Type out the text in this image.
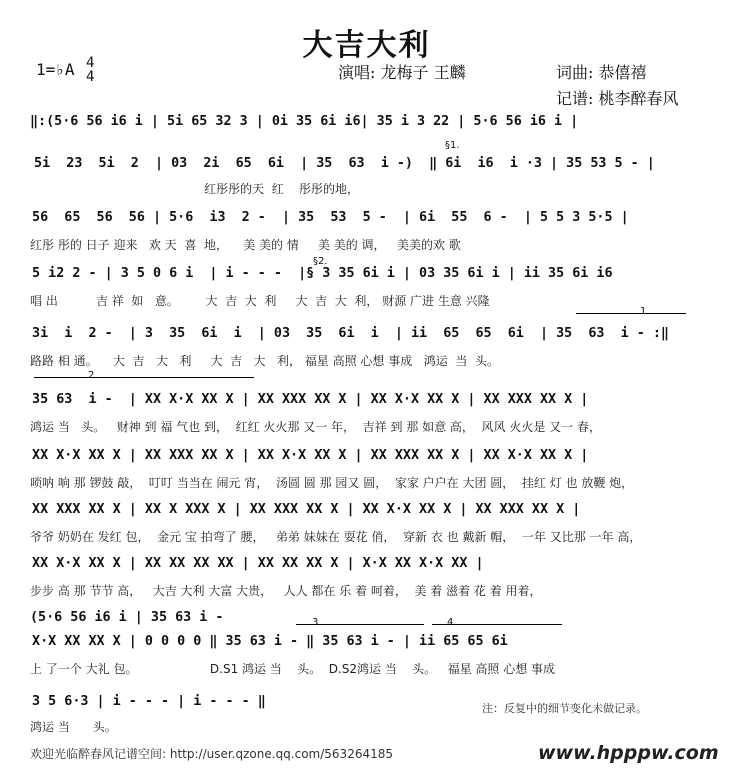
大吉大利
1=♭A 4
4	演唱: 龙梅子 王麟	词曲: 恭僖禧
记谱: 桃李醉春风
‖:(5·6 56 i6 i | 5i 65 32 3 | 0i 35 6i i6| 35 i 3 22 | 5·6 56 i6 i |
§1.
5i  23  5i  2  | 03  2i  65  6i  | 35  63  i -)  ‖ 6i  i6  i ·3 | 35 53 5 - |
红彤彤的天  红    彤彤的地，
56  65  56  56 | 5·6  i3  2 -  | 35  53  5 -  | 6i  55  6 -  | 5 5 3 5·5 |
红彤 彤的 日子 迎来   欢 天  喜  地，    美 美的 情     美 美的 调，   美美的欢 歌
§2.
5 i2 2 - | 3 5 0 6 i  | i - - -  |§ 3 35 6i i | 03 35 6i i | ii 35 6i i6
唱 出          吉 祥  如   意。       大  吉  大  利     大  吉  大  利， 财源 广进 生意 兴隆
1
3i  i  2 -  | 3  35  6i  i  | 03  35  6i  i  | ii  65  65  6i  | 35  63  i - :‖
路路 相 通。    大  吉   大   利     大  吉   大   利， 福星 高照 心想 事成   鸿运  当  头。
2
35 63  i -  | XX X·X XX X | XX XXX XX X | XX X·X XX X | XX XXX XX X |
鸿运 当   头。   财神 到 福 气也 到，  红红 火火那 又一 年，  吉祥 到 那 如意 高，  风风 火火是 又一 春，
XX X·X XX X | XX XXX XX X | XX X·X XX X | XX XXX XX X | XX X·X XX X |
唢呐 响 那 锣鼓 敲，  叮叮 当当在 闹元 宵，  汤圆 圆 那 园又 圆，  家家 户户在 大团 圆，  挂红 灯 也 放鞭 炮，
XX XXX XX X | XX X XXX X | XX XXX XX X | XX X·X XX X | XX XXX XX X |
爷爷 奶奶在 发红 包，  金元 宝 拍弯了 腰，   弟弟 妹妹在 耍花 俏，  穿新 衣 也 戴新 帽，  一年 又比那 一年 高，
XX X·X XX X | XX XX XX XX | XX XX XX X | X·X XX X·X XX |
步步 高 那 节节 高，   大吉 大利 大富 大贵，   人人 都在 乐 着 呵着，  美 着 滋着 花 着 用着，
(5·6 56 i6 i | 35 63 i -	3	4
X·X XX XX X | 0 0 0 0 ‖ 35 63 i - ‖ 35 63 i - | ii 65 65 6i
上 了一个 大礼 包。                   D.S1 鸿运 当    头。  D.S2鸿运 当    头。   福星 高照 心想 事成
3 5 6·3 | i - - - | i - - - ‖
鸿运 当      头。
注：反复中的细节变化未做记录。
欢迎光临醉春风记谱空间: http://user.qzone.qq.com/563264185	www.hpppw.com
